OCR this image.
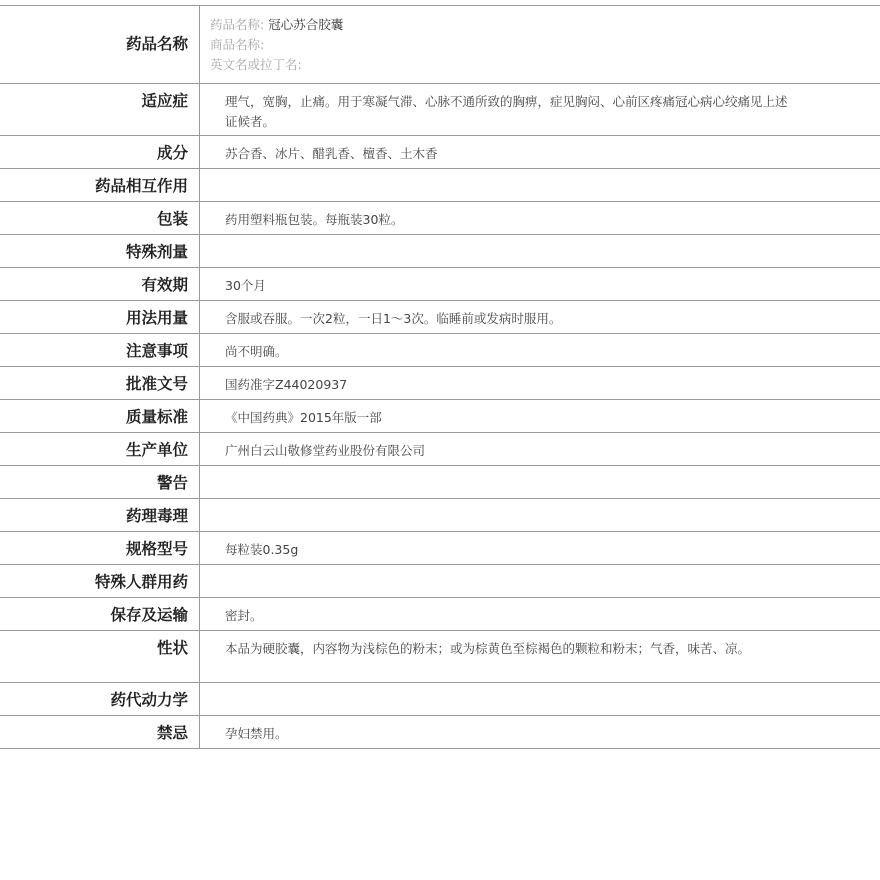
药品名称
药品名称: 冠心苏合胶囊
商品名称:
英文名或拉丁名:
适应症	理气，宽胸，止痛。用于寒凝气滞、心脉不通所致的胸痹，症见胸闷、心前区疼痛冠心病心绞痛见上述证候者。
成分	苏合香、冰片、醋乳香、檀香、土木香
药品相互作用
包装	药用塑料瓶包装。每瓶装30粒。
特殊剂量
有效期	30个月
用法用量	含服或吞服。一次2粒，一日1～3次。临睡前或发病时服用。
注意事项	尚不明确。
批准文号	国药准字Z44020937
质量标准	《中国药典》2015年版一部
生产单位	广州白云山敬修堂药业股份有限公司
警告
药理毒理
规格型号	每粒装0.35g
特殊人群用药
保存及运输	密封。
性状	本品为硬胶囊，内容物为浅棕色的粉末；或为棕黄色至棕褐色的颗粒和粉末；气香，味苦、凉。
药代动力学
禁忌	孕妇禁用。
